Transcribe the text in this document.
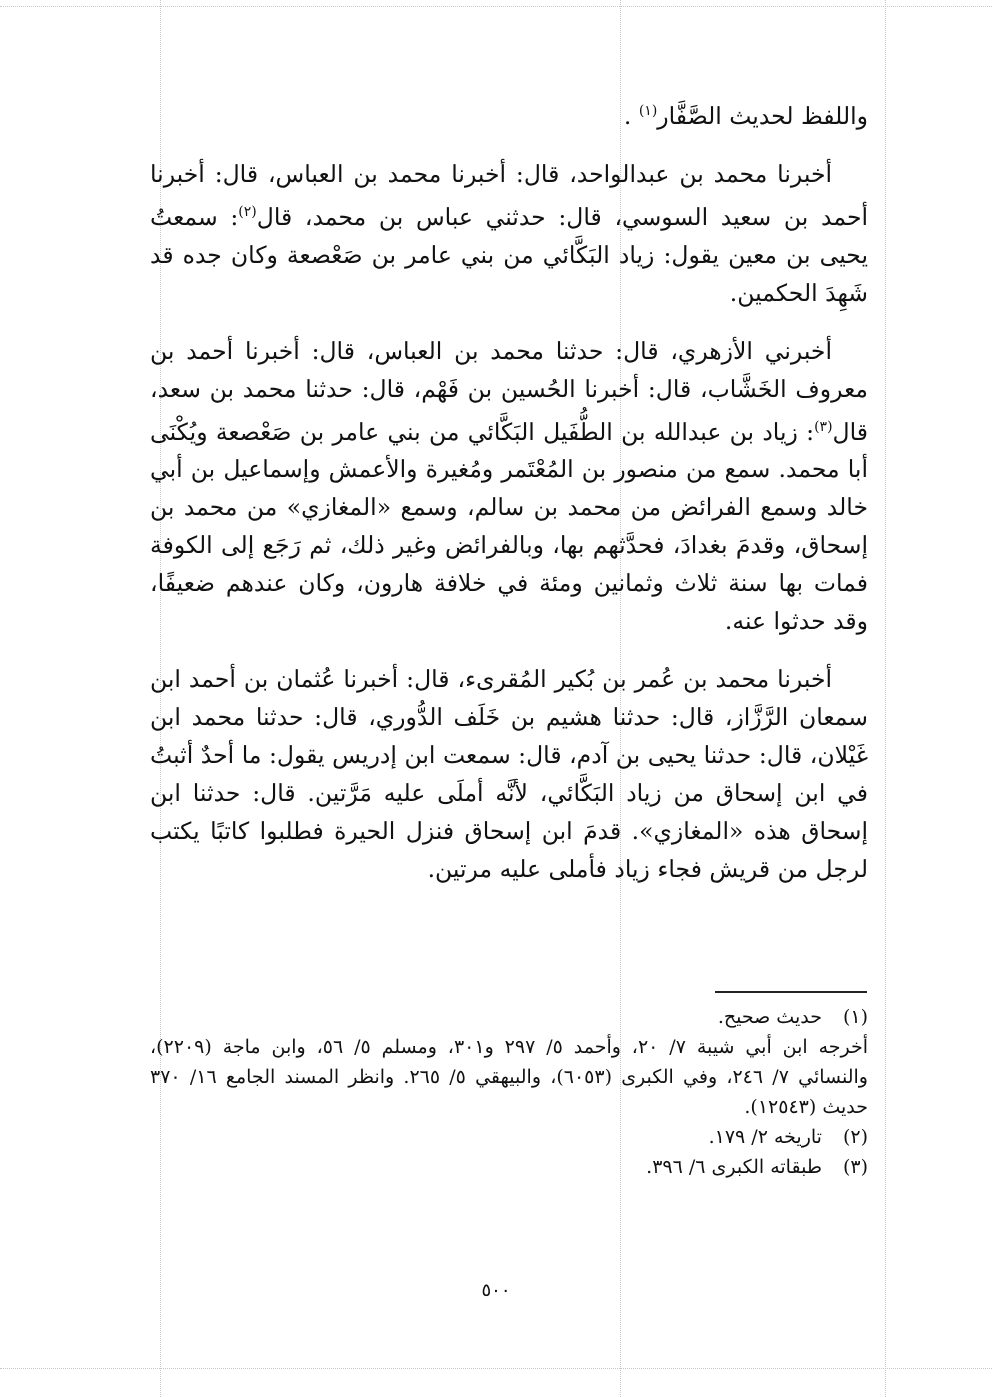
واللفظ لحديث الصَّفَّار$^{(١)}$ .

أخبرنا محمد بن عبدالواحد، قال: أخبرنا محمد بن العباس، قال: أخبرنا أحمد بن سعيد السوسي، قال: حدثني عباس بن محمد، قال$^{(٢)}$: سمعتُ يحيى بن معين يقول: زياد البَكَّائي من بني عامر بن صَعْصعة وكان جده قد شَهِدَ الحكمين.

أخبرني الأزهري، قال: حدثنا محمد بن العباس، قال: أخبرنا أحمد بن معروف الخَشَّاب، قال: أخبرنا الحُسين بن فَهْم، قال: حدثنا محمد بن سعد، قال$^{(٣)}$: زياد بن عبدالله بن الطُّفَيل البَكَّائي من بني عامر بن صَعْصعة ويُكْنَى أبا محمد. سمع من منصور بن المُعْتَمر ومُغيرة والأعمش وإسماعيل بن أبي خالد وسمع الفرائض من محمد بن سالم، وسمع «المغازي» من محمد بن إسحاق، وقدمَ بغدادَ، فحدَّثهم بها، وبالفرائض وغير ذلك، ثم رَجَع إلى الكوفة فمات بها سنة ثلاث وثمانين ومئة في خلافة هارون، وكان عندهم ضعيفًا، وقد حدثوا عنه.

أخبرنا محمد بن عُمر بن بُكير المُقرىء، قال: أخبرنا عُثمان بن أحمد ابن سمعان الرَّزَّاز، قال: حدثنا هشيم بن خَلَف الدُّوري، قال: حدثنا محمد ابن غَيْلان، قال: حدثنا يحيى بن آدم، قال: سمعت ابن إدريس يقول: ما أحدٌ أثبتُ في ابن إسحاق من زياد البَكَّائي، لأنَّه أملَى عليه مَرَّتين. قال: حدثنا ابن إسحاق هذه «المغازي». قدمَ ابن إسحاق فنزل الحيرة فطلبوا كاتبًا يكتب لرجل من قريش فجاء زياد فأملى عليه مرتين.

(١) حديث صحيح.

أخرجه ابن أبي شيبة ٧/ ٢٠، وأحمد ٥/ ٢٩٧ و٣٠١، ومسلم ٥/ ٥٦، وابن ماجة (٢٢٠٩)، والنسائي ٧/ ٢٤٦، وفي الكبرى (٦٠٥٣)، والبيهقي ٥/ ٢٦٥. وانظر المسند الجامع ١٦/ ٣٧٠ حديث (١٢٥٤٣).

(٢) تاريخه ٢/ ١٧٩.

(٣) طبقاته الكبرى ٦/ ٣٩٦.

٥٠٠
